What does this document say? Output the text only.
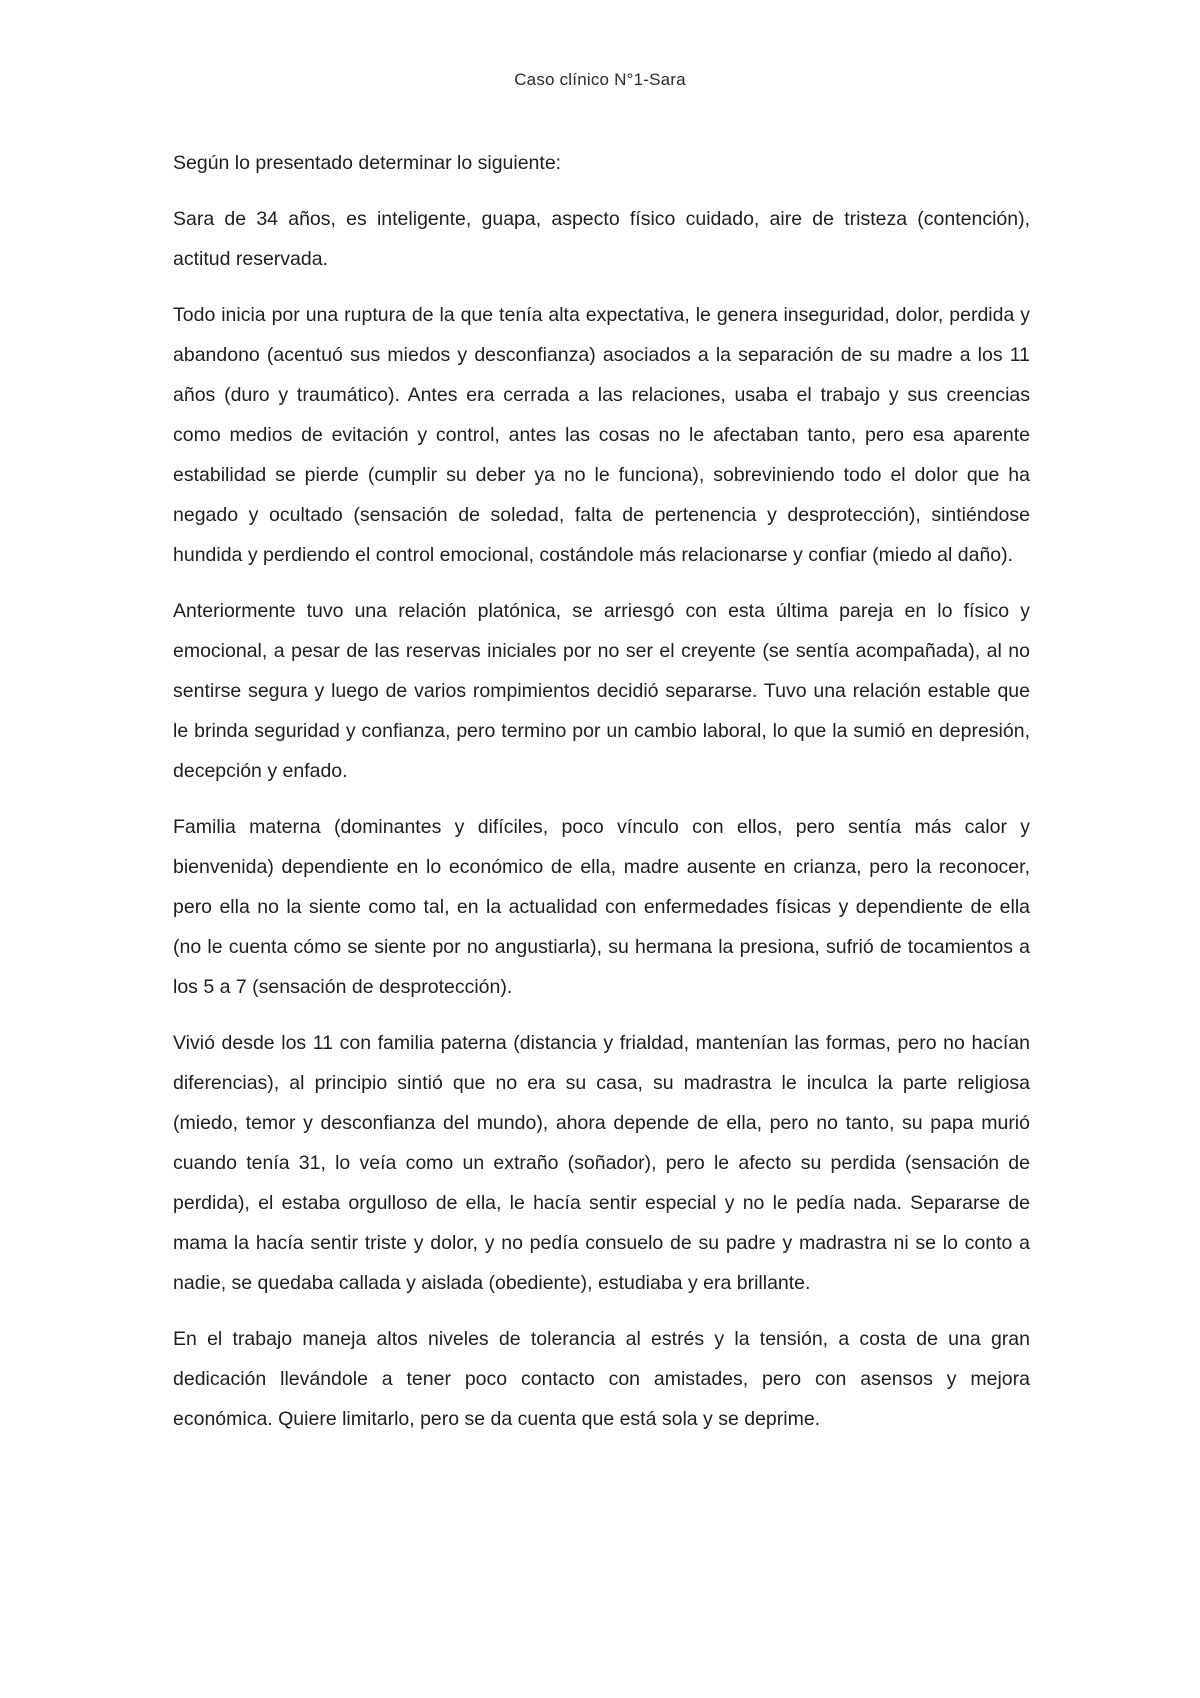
Caso clínico N°1-Sara

Según lo presentado determinar lo siguiente:

Sara de 34 años, es inteligente, guapa, aspecto físico cuidado, aire de tristeza (contención), actitud reservada.

Todo inicia por una ruptura de la que tenía alta expectativa, le genera inseguridad, dolor, perdida y abandono (acentuó sus miedos y desconfianza) asociados a la separación de su madre a los 11 años (duro y traumático). Antes era cerrada a las relaciones, usaba el trabajo y sus creencias como medios de evitación y control, antes las cosas no le afectaban tanto, pero esa aparente estabilidad se pierde (cumplir su deber ya no le funciona), sobreviniendo todo el dolor que ha negado y ocultado (sensación de soledad, falta de pertenencia y desprotección), sintiéndose hundida y perdiendo el control emocional, costándole más relacionarse y confiar (miedo al daño).

Anteriormente tuvo una relación platónica, se arriesgó con esta última pareja en lo físico y emocional, a pesar de las reservas iniciales por no ser el creyente (se sentía acompañada), al no sentirse segura y luego de varios rompimientos decidió separarse. Tuvo una relación estable que le brinda seguridad y confianza, pero termino por un cambio laboral, lo que la sumió en depresión, decepción y enfado.

Familia materna (dominantes y difíciles, poco vínculo con ellos, pero sentía más calor y bienvenida) dependiente en lo económico de ella, madre ausente en crianza, pero la reconocer, pero ella no la siente como tal, en la actualidad con enfermedades físicas y dependiente de ella (no le cuenta cómo se siente por no angustiarla), su hermana la presiona, sufrió de tocamientos a los 5 a 7 (sensación de desprotección).

Vivió desde los 11 con familia paterna (distancia y frialdad, mantenían las formas, pero no hacían diferencias), al principio sintió que no era su casa, su madrastra le inculca la parte religiosa (miedo, temor y desconfianza del mundo), ahora depende de ella, pero no tanto, su papa murió cuando tenía 31, lo veía como un extraño (soñador), pero le afecto su perdida (sensación de perdida), el estaba orgulloso de ella, le hacía sentir especial y no le pedía nada. Separarse de mama la hacía sentir triste y dolor, y no pedía consuelo de su padre y madrastra ni se lo conto a nadie, se quedaba callada y aislada (obediente), estudiaba y era brillante.

En el trabajo maneja altos niveles de tolerancia al estrés y la tensión, a costa de una gran dedicación llevándole a tener poco contacto con amistades, pero con asensos y mejora económica. Quiere limitarlo, pero se da cuenta que está sola y se deprime.
